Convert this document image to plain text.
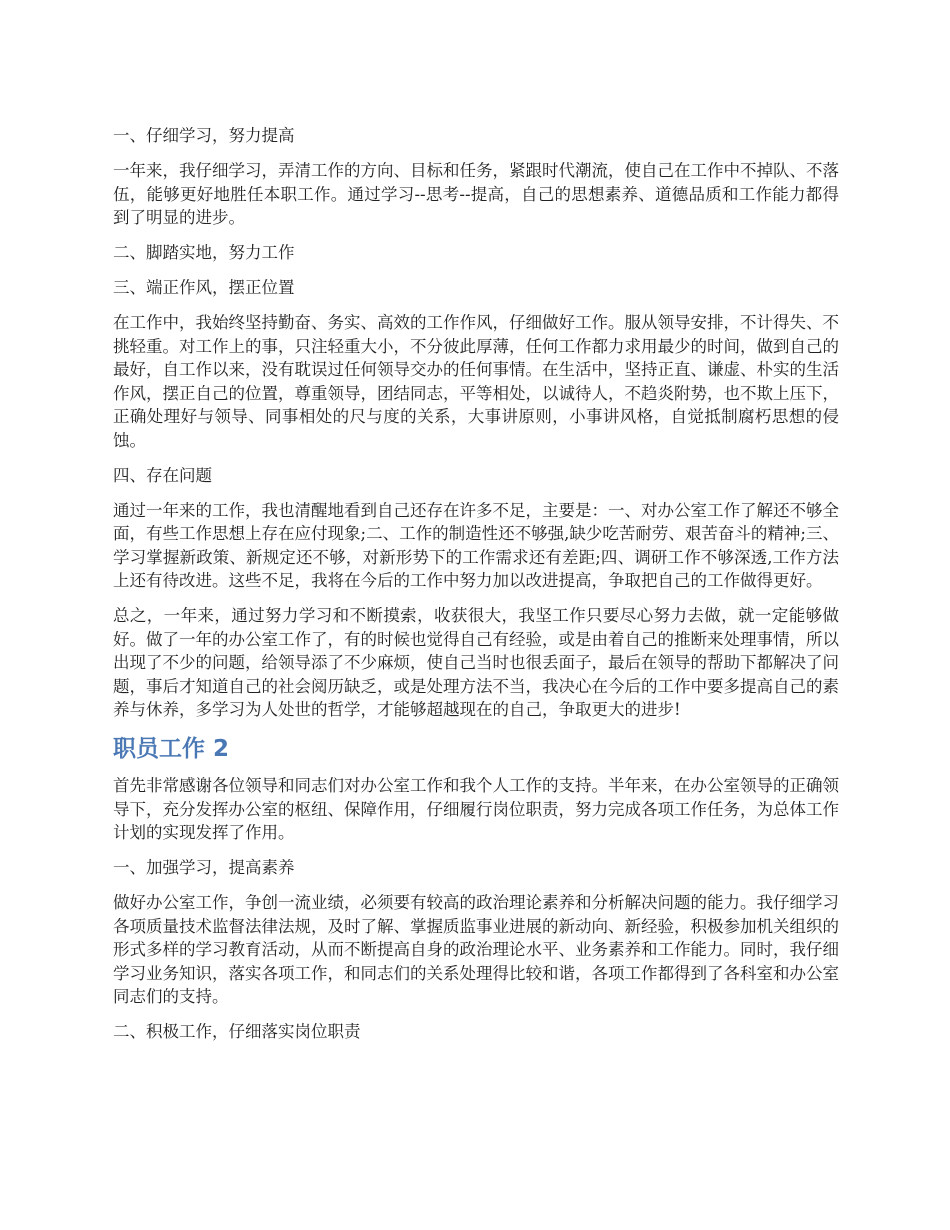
一、仔细学习，努力提高

一年来，我仔细学习，弄清工作的方向、目标和任务，紧跟时代潮流，使自己在工作中不掉队、不落伍，能够更好地胜任本职工作。通过学习--思考--提高，自己的思想素养、道德品质和工作能力都得到了明显的进步。

二、脚踏实地，努力工作

三、端正作风，摆正位置

在工作中，我始终坚持勤奋、务实、高效的工作作风，仔细做好工作。服从领导安排，不计得失、不挑轻重。对工作上的事，只注轻重大小，不分彼此厚薄，任何工作都力求用最少的时间，做到自己的最好，自工作以来，没有耽误过任何领导交办的任何事情。在生活中，坚持正直、谦虚、朴实的生活作风，摆正自己的位置，尊重领导，团结同志，平等相处，以诚待人，不趋炎附势，也不欺上压下，正确处理好与领导、同事相处的尺与度的关系，大事讲原则，小事讲风格，自觉抵制腐朽思想的侵蚀。

四、存在问题

通过一年来的工作，我也清醒地看到自己还存在许多不足，主要是：一、对办公室工作了解还不够全面，有些工作思想上存在应付现象;二、工作的制造性还不够强,缺少吃苦耐劳、艰苦奋斗的精神;三、学习掌握新政策、新规定还不够，对新形势下的工作需求还有差距;四、调研工作不够深透,工作方法上还有待改进。这些不足，我将在今后的工作中努力加以改进提高，争取把自己的工作做得更好。

总之，一年来，通过努力学习和不断摸索，收获很大，我坚工作只要尽心努力去做，就一定能够做好。做了一年的办公室工作了，有的时候也觉得自己有经验，或是由着自己的推断来处理事情，所以出现了不少的问题，给领导添了不少麻烦，使自己当时也很丢面子，最后在领导的帮助下都解决了问题，事后才知道自己的社会阅历缺乏，或是处理方法不当，我决心在今后的工作中要多提高自己的素养与休养，多学习为人处世的哲学，才能够超越现在的自己，争取更大的进步!

职员工作 2

首先非常感谢各位领导和同志们对办公室工作和我个人工作的支持。半年来，在办公室领导的正确领导下，充分发挥办公室的枢纽、保障作用，仔细履行岗位职责，努力完成各项工作任务，为总体工作计划的实现发挥了作用。

一、加强学习，提高素养

做好办公室工作，争创一流业绩，必须要有较高的政治理论素养和分析解决问题的能力。我仔细学习各项质量技术监督法律法规，及时了解、掌握质监事业进展的新动向、新经验，积极参加机关组织的形式多样的学习教育活动，从而不断提高自身的政治理论水平、业务素养和工作能力。同时，我仔细学习业务知识，落实各项工作，和同志们的关系处理得比较和谐，各项工作都得到了各科室和办公室同志们的支持。

二、积极工作，仔细落实岗位职责
